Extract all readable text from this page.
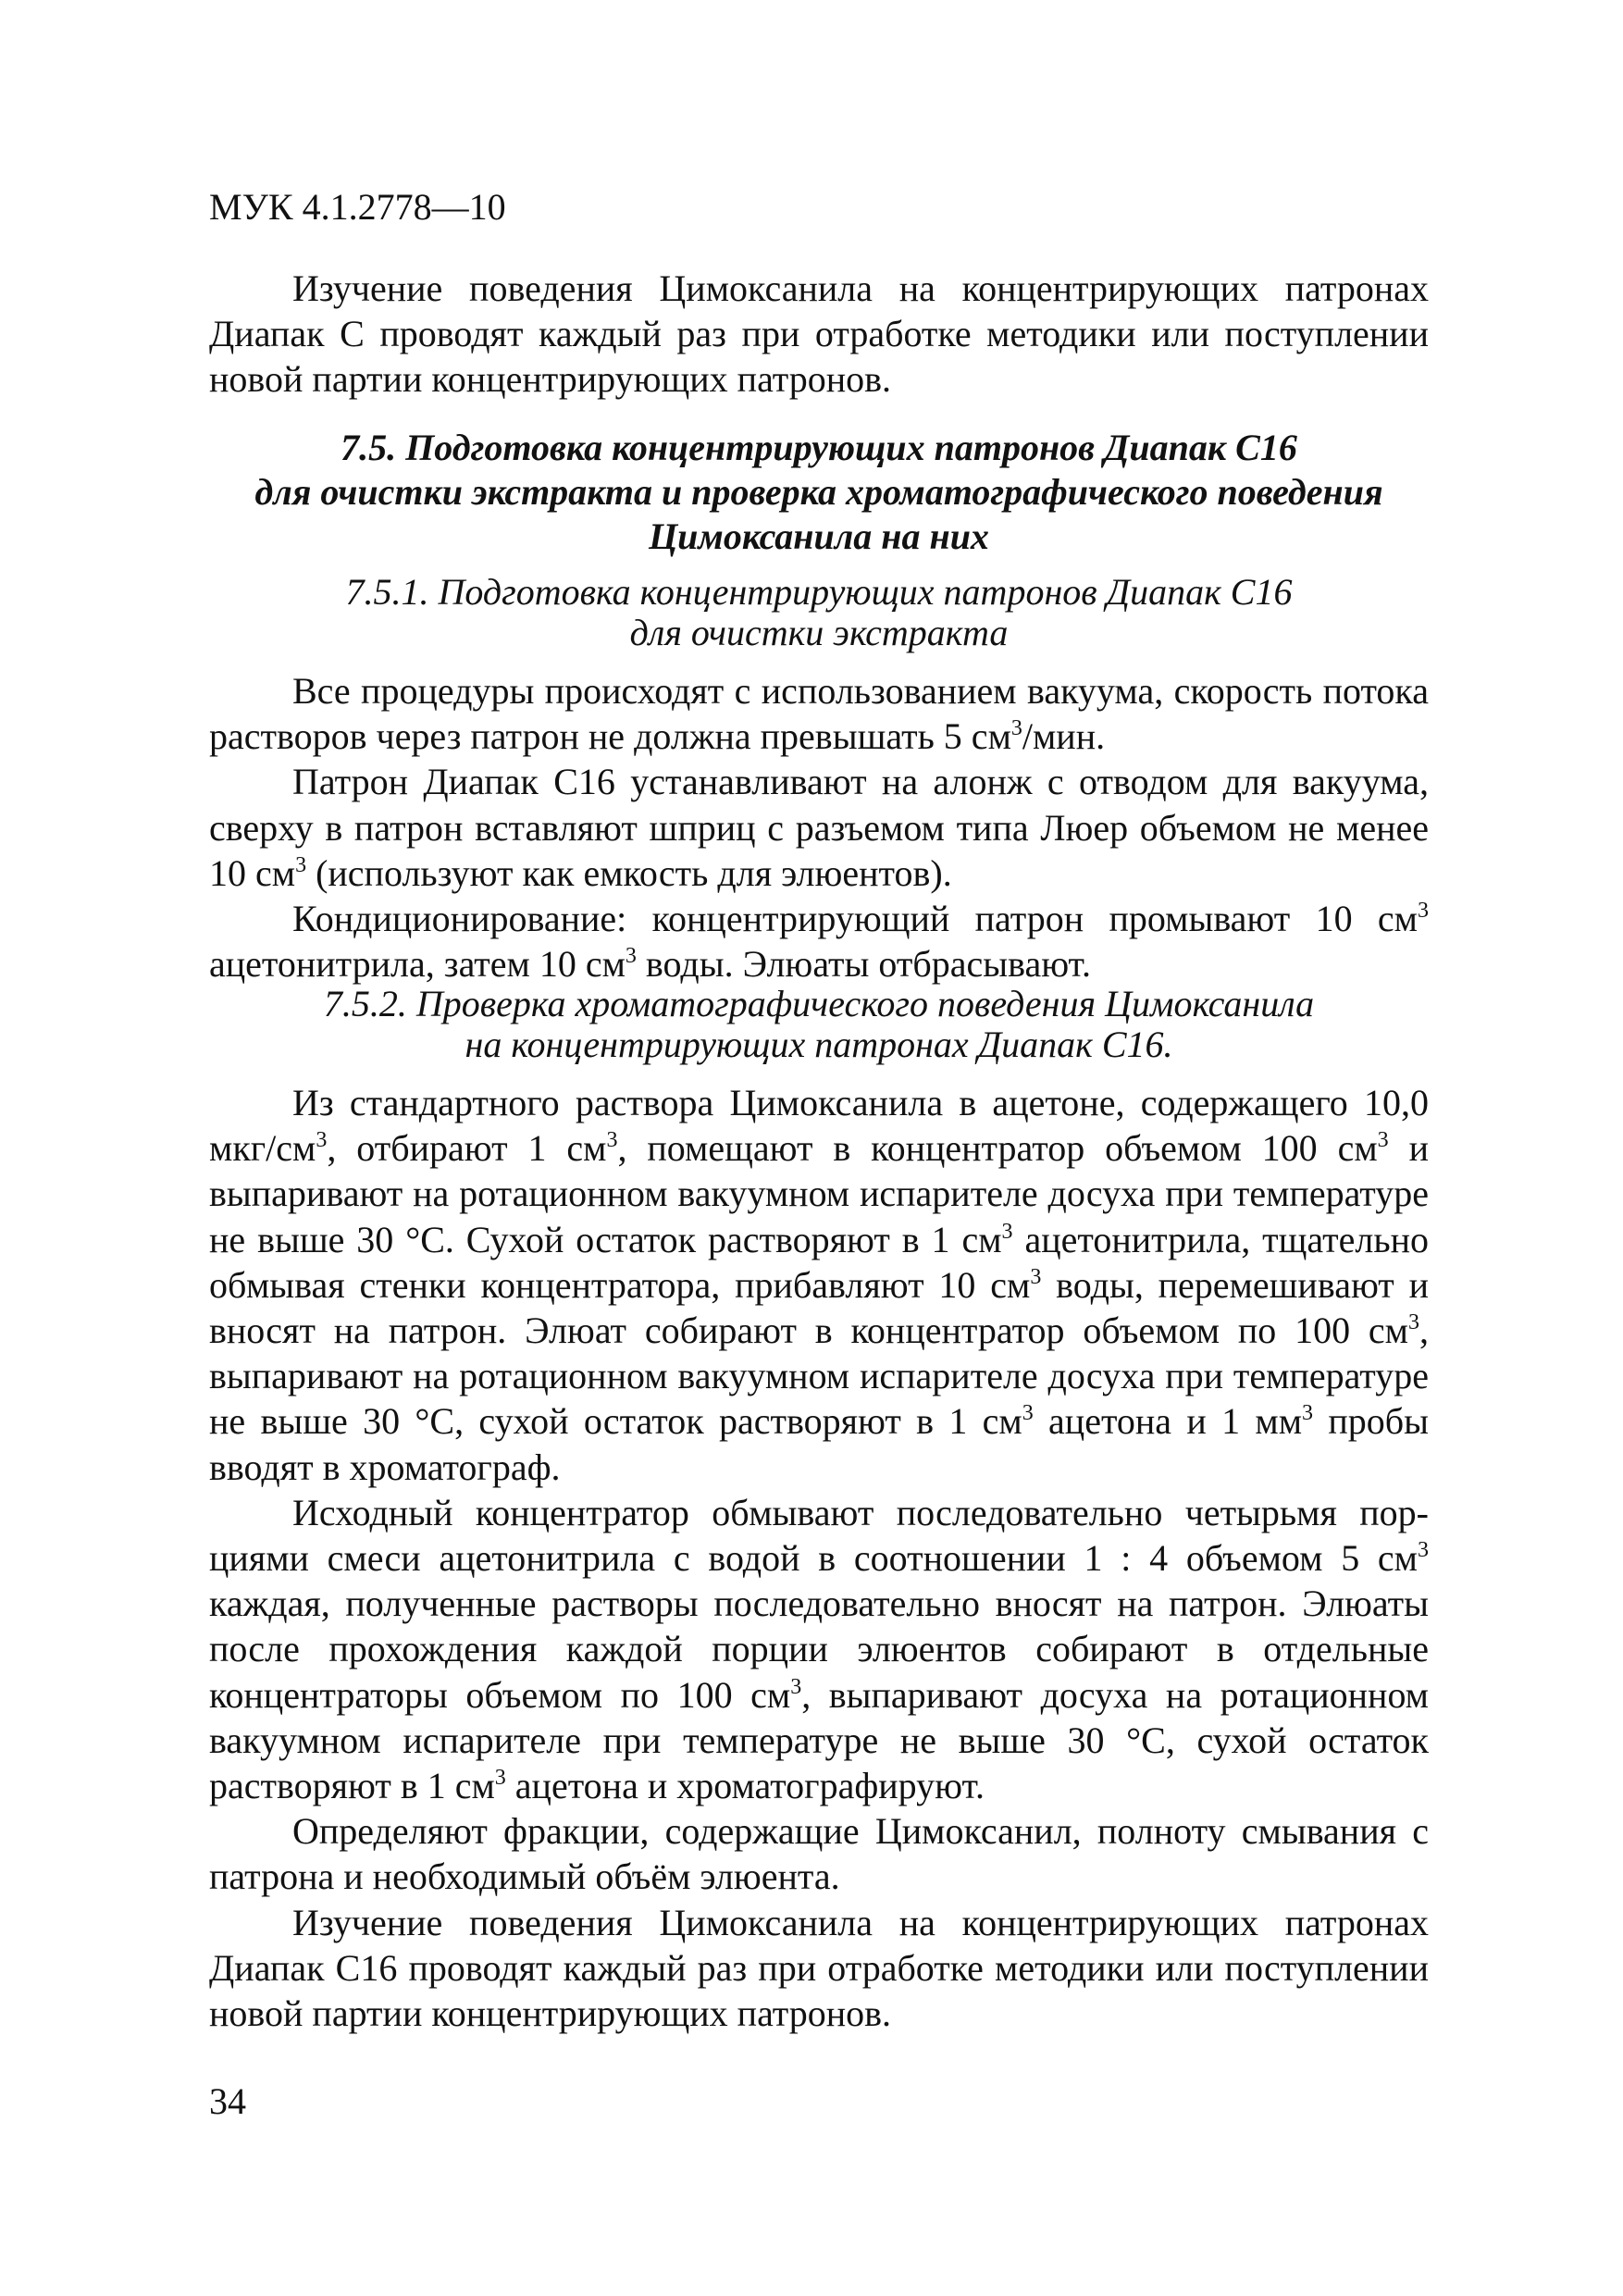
МУК 4.1.2778—10

Изучение поведения Цимоксанила на концентрирующих патронах Диапак С проводят каждый раз при отработке методики или поступлении новой партии концентрирующих патронов.

7.5. Подготовка концентрирующих патронов Диапак С16

для очистки экстракта и проверка хроматографического поведения

Цимоксанила на них

7.5.1. Подготовка концентрирующих патронов Диапак С16

для очистки экстракта

Все процедуры происходят с использованием вакуума, скорость потока растворов через патрон не должна превышать 5 $см^3$/мин.

Патрон Диапак С16 устанавливают на алонж с отводом для вакуума, сверху в патрон вставляют шприц с разъемом типа Люер объемом не менее 10 $см^3$ (используют как емкость для элюентов).

Кондиционирование: концентрирующий патрон промывают 10 $см^3$ ацетонитрила, затем 10 $см^3$ воды. Элюаты отбрасывают.

7.5.2. Проверка хроматографического поведения Цимоксанила

на концентрирующих патронах Диапак С16.

Из стандартного раствора Цимоксанила в ацетоне, содержащего 10,0 мкг/$см^3$, отбирают 1 $см^3$, помещают в концентратор объемом 100 $см^3$ и выпаривают на ротационном вакуумном испарителе досуха при температуре не выше 30 °С. Сухой остаток растворяют в 1 $см^3$ ацетонитрила, тщательно обмывая стенки концентратора, прибавляют 10 $см^3$ воды, перемешивают и вносят на патрон. Элюат собирают в концентратор объемом по 100 $см^3$, выпаривают на ротационном вакуумном испарителе досуха при температуре не выше 30 °С, сухой остаток растворяют в 1 $см^3$ ацетона и 1 $мм^3$ пробы вводят в хроматограф.

Исходный концентратор обмывают последовательно четырьмя порциями смеси ацетонитрила с водой в соотношении 1 : 4 объемом 5 $см^3$ каждая, полученные растворы последовательно вносят на патрон. Элюаты после прохождения каждой порции элюентов собирают в отдельные концентраторы объемом по 100 $см^3$, выпаривают досуха на ротационном вакуумном испарителе при температуре не выше 30 °С, сухой остаток растворяют в 1 $см^3$ ацетона и хроматографируют.

Определяют фракции, содержащие Цимоксанил, полноту смывания с патрона и необходимый объём элюента.

Изучение поведения Цимоксанила на концентрирующих патронах Диапак С16 проводят каждый раз при отработке методики или поступлении новой партии концентрирующих патронов.

34
